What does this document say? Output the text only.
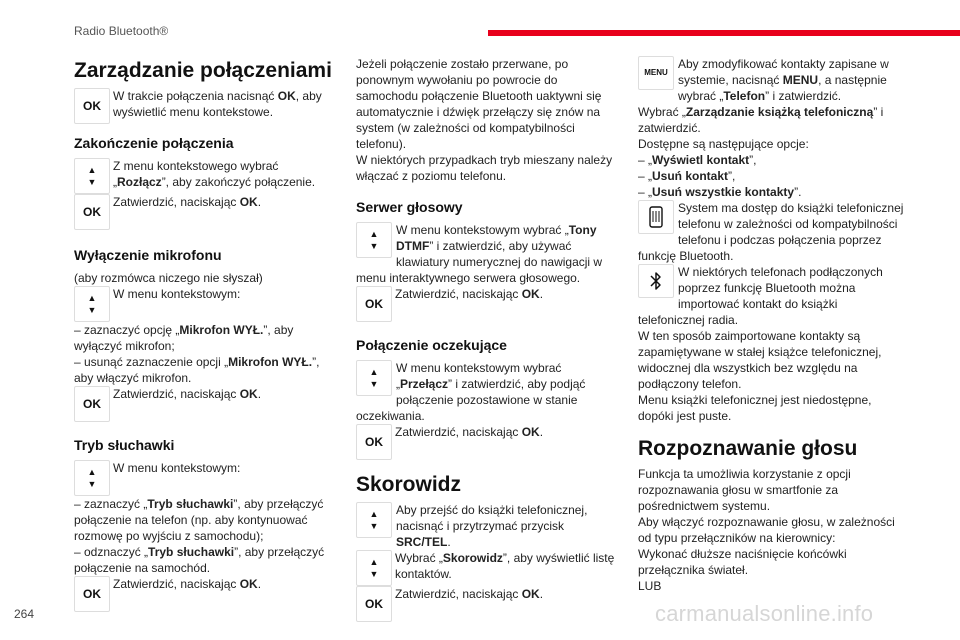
Radio Bluetooth®
Zarządzanie połączeniami
OK

W trakcie połączenia nacisnąć OK, aby wyświetlić menu kontekstowe.

Zakończenie połączenia
▲
▼

Z menu kontekstowego wybrać „Rozłącz”, aby zakończyć połączenie.

OK

Zatwierdzić, naciskając OK.

Wyłączenie mikrofonu

(aby rozmówca niczego nie słyszał)

▲
▼

W menu kontekstowym:

– zaznaczyć opcję „Mikrofon WYŁ.”, aby wyłączyć mikrofon;

– usunąć zaznaczenie opcji „Mikrofon WYŁ.”, aby włączyć mikrofon.

OK

Zatwierdzić, naciskając OK.

Tryb słuchawki
▲
▼

W menu kontekstowym:

– zaznaczyć „Tryb słuchawki”, aby przełączyć połączenie na telefon (np. aby kontynuować rozmowę po wyjściu z samochodu);

– odznaczyć „Tryb słuchawki”, aby przełączyć połączenie na samochód.

OK

Zatwierdzić, naciskając OK.

Jeżeli połączenie zostało przerwane, po ponownym wywołaniu po powrocie do samochodu połączenie Bluetooth uaktywni się automatycznie i dźwięk przełączy się znów na system (w zależności od kompatybilności telefonu).

W niektórych przypadkach tryb mieszany należy włączać z poziomu telefonu.

Serwer głosowy
▲
▼

W menu kontekstowym wybrać „Tony DTMF” i zatwierdzić, aby używać klawiatury numerycznej do nawigacji w menu interaktywnego serwera głosowego.

OK

Zatwierdzić, naciskając OK.

Połączenie oczekujące
▲
▼

W menu kontekstowym wybrać „Przełącz” i zatwierdzić, aby podjąć połączenie pozostawione w stanie oczekiwania.

OK

Zatwierdzić, naciskając OK.

Skorowidz
▲
▼

Aby przejść do książki telefonicznej, nacisnąć i przytrzymać przycisk SRC/TEL.

▲
▼

Wybrać „Skorowidz”, aby wyświetlić listę kontaktów.

OK

Zatwierdzić, naciskając OK.

MENU

Aby zmodyfikować kontakty zapisane w systemie, nacisnąć MENU, a następnie wybrać „Telefon” i zatwierdzić.

Wybrać „Zarządzanie książką telefoniczną” i zatwierdzić.

Dostępne są następujące opcje:

– „Wyświetl kontakt”,

– „Usuń kontakt”,

– „Usuń wszystkie kontakty”.

System ma dostęp do książki telefonicznej telefonu w zależności od kompatybilności telefonu i podczas połączenia poprzez funkcję Bluetooth.

W niektórych telefonach podłączonych poprzez funkcję Bluetooth można importować kontakt do książki telefonicznej radia.

W ten sposób zaimportowane kontakty są zapamiętywane w stałej książce telefonicznej, widocznej dla wszystkich bez względu na podłączony telefon.

Menu książki telefonicznej jest niedostępne, dopóki jest puste.

Rozpoznawanie głosu

Funkcja ta umożliwia korzystanie z opcji rozpoznawania głosu w smartfonie za pośrednictwem systemu.

Aby włączyć rozpoznawanie głosu, w zależności od typu przełączników na kierownicy:

Wykonać dłuższe naciśnięcie końcówki przełącznika świateł.

LUB

264	carmanualsonline.info
